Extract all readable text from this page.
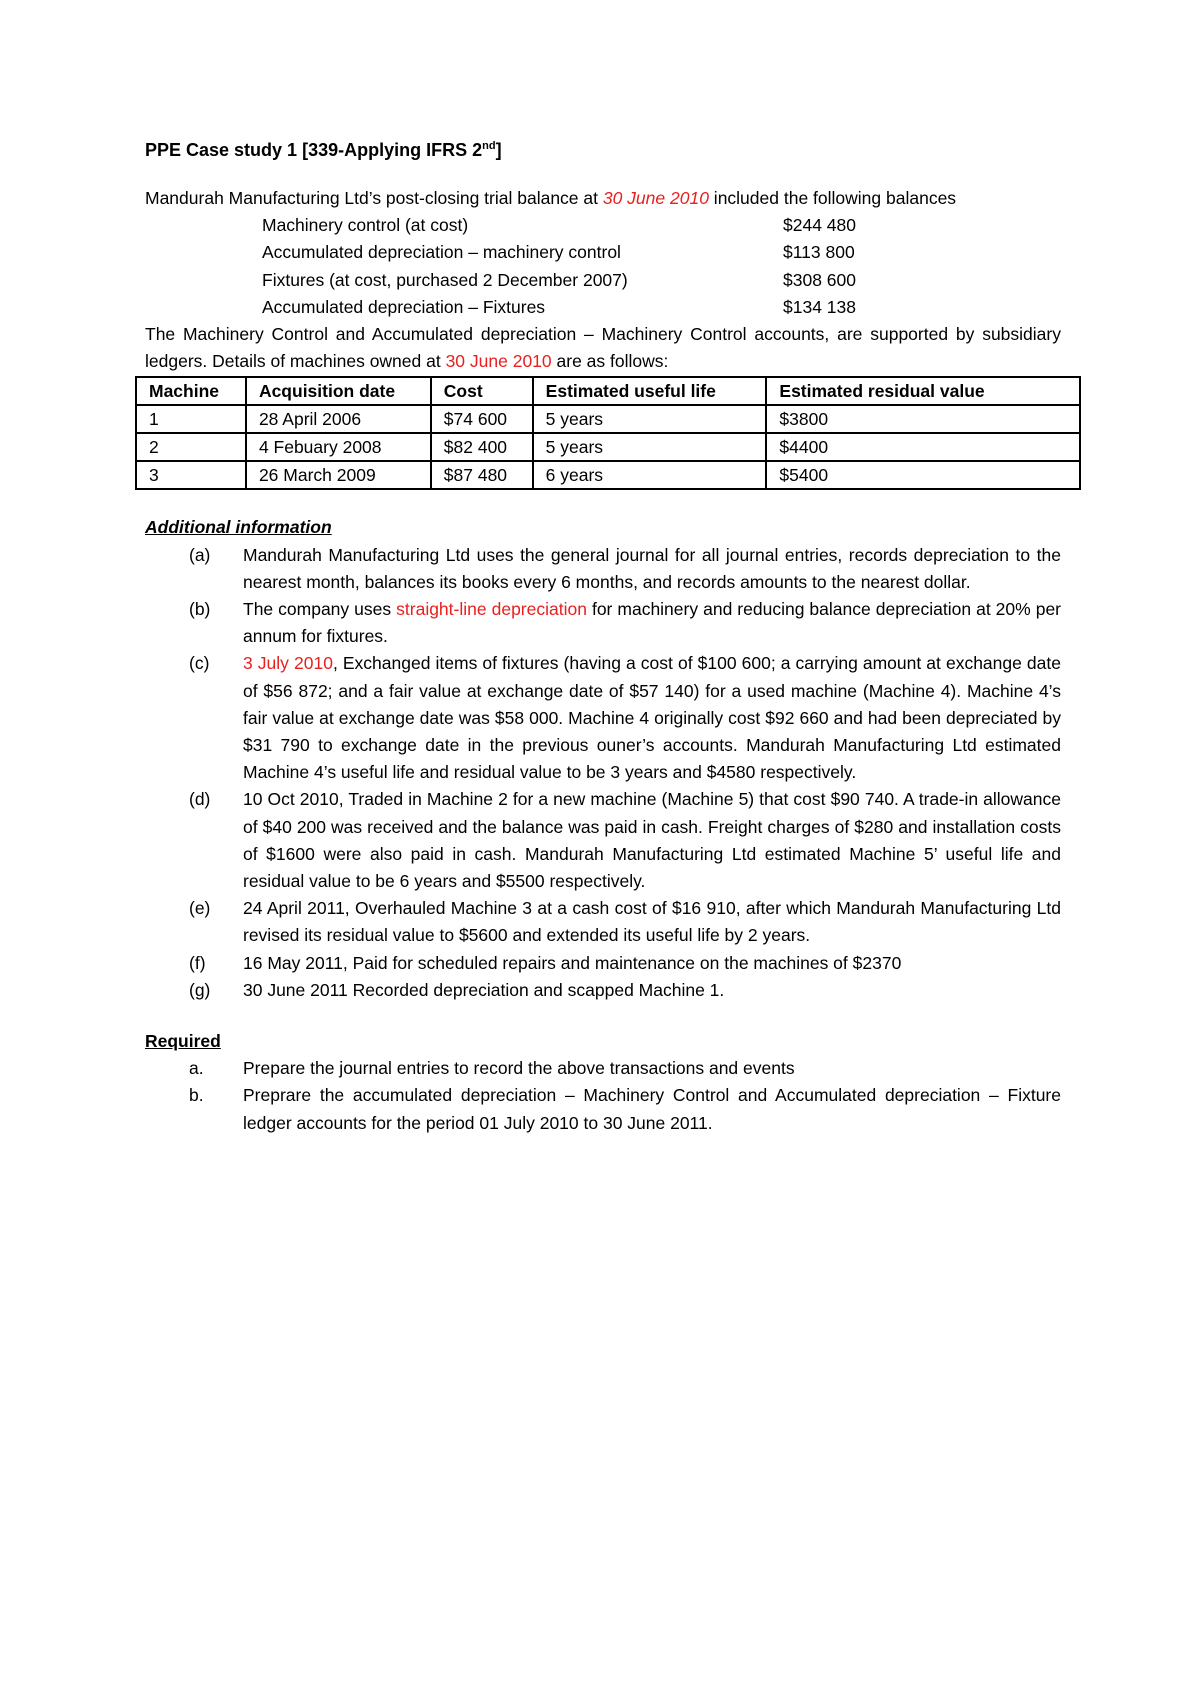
PPE Case study 1 [339-Applying IFRS 2nd]

Mandurah Manufacturing Ltd’s post-closing trial balance at 30 June 2010 included the following balances

Machinery control (at cost)	$244 480
Accumulated depreciation – machinery control	$113 800
Fixtures (at cost, purchased 2 December 2007)	$308 600
Accumulated depreciation – Fixtures	$134 138

The Machinery Control and Accumulated depreciation – Machinery Control accounts, are supported by subsidiary ledgers. Details of machines owned at 30 June 2010 are as follows:

Machine	Acquisition date	Cost	Estimated useful life	Estimated residual value
1	28 April 2006	$74 600	5 years	$3800
2	4 Febuary 2008	$82 400	5 years	$4400
3	26 March 2009	$87 480	6 years	$5400
Additional information
(a)	Mandurah Manufacturing Ltd uses the general journal for all journal entries, records depreciation to the nearest month, balances its books every 6 months, and records amounts to the nearest dollar.
(b)	The company uses straight-line depreciation for machinery and reducing balance depreciation at 20% per annum for fixtures.
(c)	3 July 2010, Exchanged items of fixtures (having a cost of $100 600; a carrying amount at exchange date of $56 872; and a fair value at exchange date of $57 140) for a used machine (Machine 4). Machine 4’s fair value at exchange date was $58 000. Machine 4 originally cost $92 660 and had been depreciated by $31 790 to exchange date in the previous ouner’s accounts. Mandurah Manufacturing Ltd estimated Machine 4’s useful life and residual value to be 3 years and $4580 respectively.
(d)	10 Oct 2010, Traded in Machine 2 for a new machine (Machine 5) that cost $90 740. A trade-in allowance of $40 200 was received and the balance was paid in cash. Freight charges of $280 and installation costs of $1600 were also paid in cash. Mandurah Manufacturing Ltd estimated Machine 5’ useful life and residual value to be 6 years and $5500 respectively.
(e)	24 April 2011, Overhauled Machine 3 at a cash cost of $16 910, after which Mandurah Manufacturing Ltd revised its residual value to $5600 and extended its useful life by 2 years.
(f)	16 May 2011, Paid for scheduled repairs and maintenance on the machines of $2370
(g)	30 June 2011 Recorded depreciation and scapped Machine 1.
Required
a.	Prepare the journal entries to record the above transactions and events
b.	Preprare the accumulated depreciation – Machinery Control and Accumulated depreciation – Fixture ledger accounts for the period 01 July 2010 to 30 June 2011.
